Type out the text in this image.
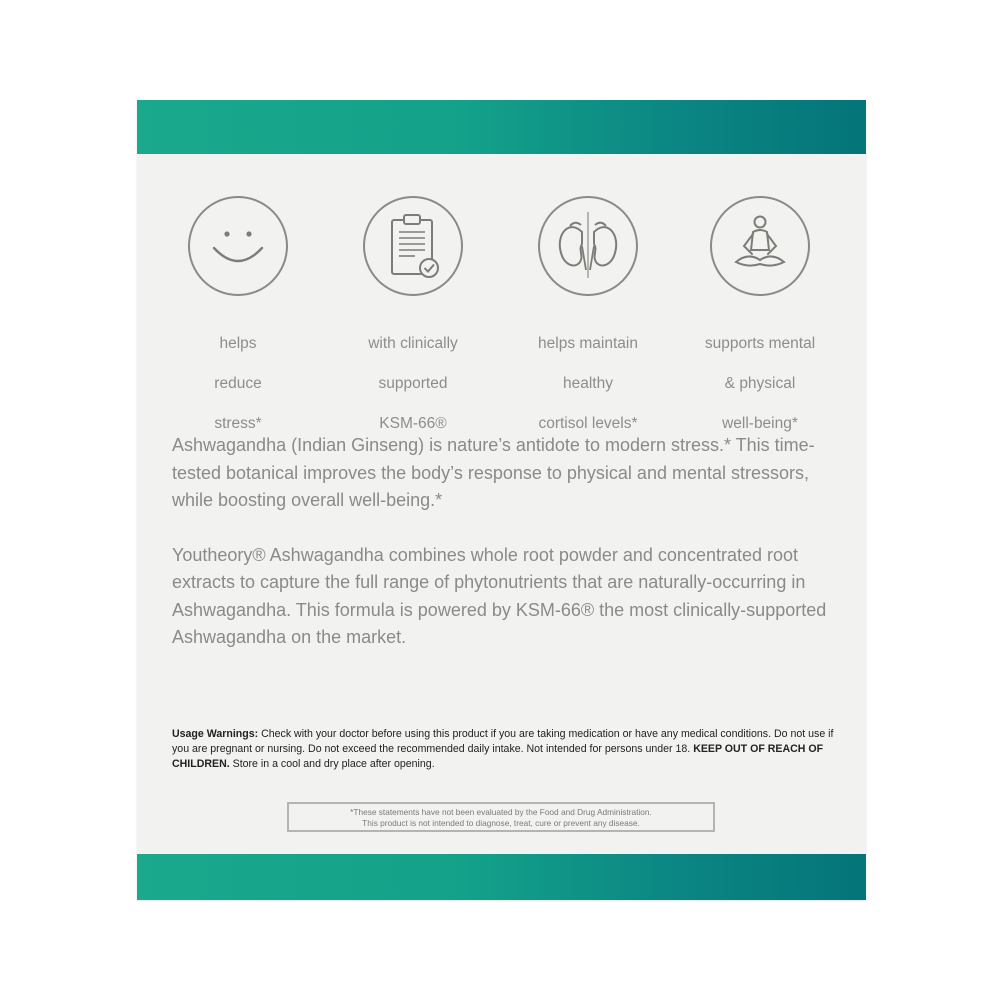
helps

reduce

stress*

with clinically

supported

KSM-66®

helps maintain

healthy

cortisol levels*

supports mental

& physical

well-being*

Ashwagandha (Indian Ginseng) is nature’s antidote to modern stress.* This time-tested botanical improves the body’s response to physical and mental stressors, while boosting overall well-being.*

Youtheory® Ashwagandha combines whole root powder and concentrated root extracts to capture the full range of phytonutrients that are naturally-occurring in Ashwagandha. This formula is powered by KSM-66® the most clinically-supported Ashwagandha on the market.

Usage Warnings: Check with your doctor before using this product if you are taking medication or have any medical conditions. Do not use if you are pregnant or nursing. Do not exceed the recommended daily intake. Not intended for persons under 18. KEEP OUT OF REACH OF CHILDREN. Store in a cool and dry place after opening.
*These statements have not been evaluated by the Food and Drug Administration.
This product is not intended to diagnose, treat, cure or prevent any disease.
